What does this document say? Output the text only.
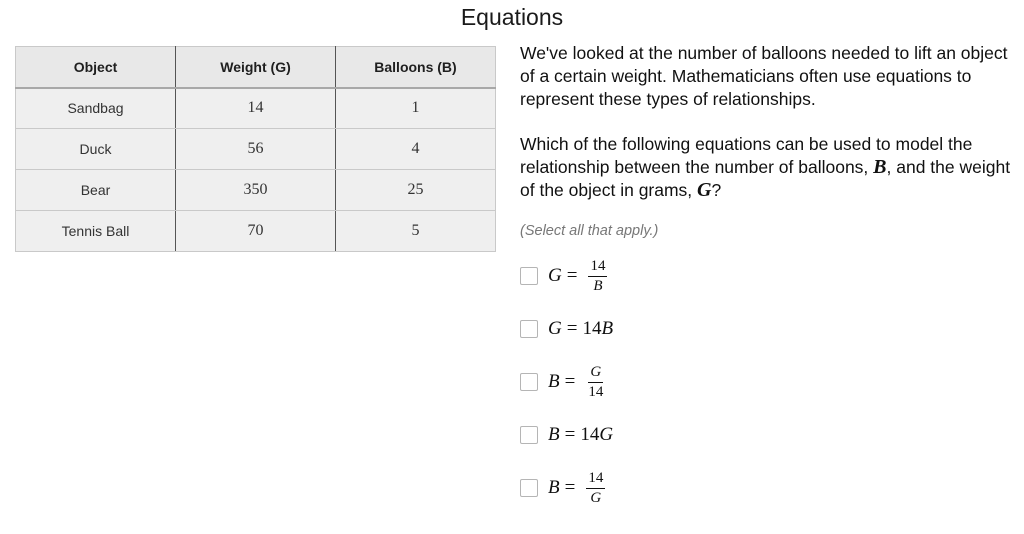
Equations
Object	Weight (G)	Balloons (B)
Sandbag	14	1
Duck	56	4
Bear	350	25
Tennis Ball	70	5

We've looked at the number of balloons needed to lift an object of a certain weight. Mathematicians often use equations to represent these types of relationships.

Which of the following equations can be used to model the relationship between the number of balloons, B, and the weight of the object in grams, G?

(Select all that apply.)

$G = \frac{14}{B}$
G = 14 B
$B = \frac{G}{14}$
B = 14 G
$B = \frac{14}{G}$
